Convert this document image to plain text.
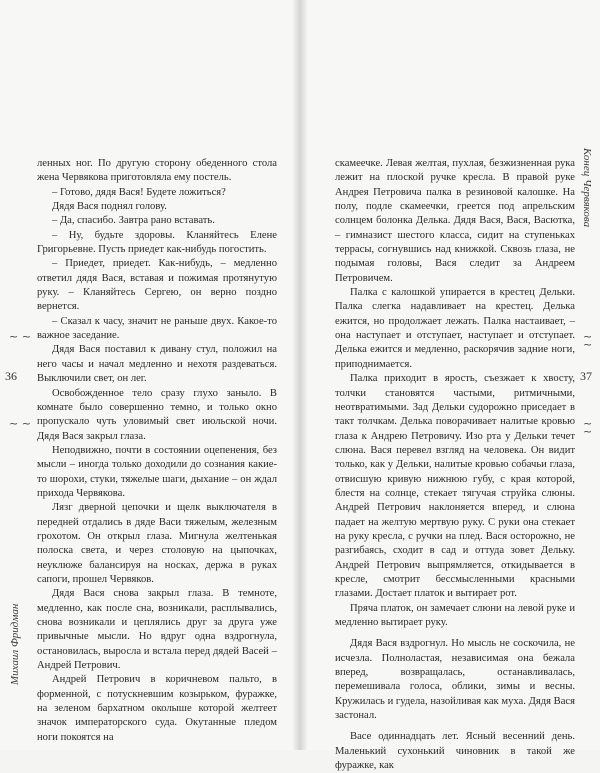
Михаил Фридман
~ ~
36
~ ~
Конец Червякова
~ ~
37
~ ~

ленных ног. По другую сторону обеденного стола жена Червякова приготовляла ему постель.

– Готово, дядя Вася! Будете ложиться?

Дядя Вася поднял голову.

– Да, спасибо. Завтра рано вставать.

– Ну, будьте здоровы. Кланяйтесь Елене Григорьевне. Пусть приедет как-нибудь погостить.

– Приедет, приедет. Как-нибудь, – медленно ответил дядя Вася, вставая и пожимая протянутую руку. – Кланяйтесь Сергею, он верно поздно вернется.

– Сказал к часу, значит не раньше двух. Какое-то важное заседание.

Дядя Вася поставил к дивану стул, положил на него часы и начал медленно и нехотя раздеваться. Выключили свет, он лег.

Освобожденное тело сразу глухо заныло. В комнате было совершенно темно, и только окно пропускало чуть уловимый свет июльской ночи. Дядя Вася закрыл глаза.

Неподвижно, почти в состоянии оцепенения, без мысли – иногда только доходили до сознания какие-то шорохи, стуки, тяжелые шаги, дыхание – он ждал прихода Червякова.

Лязг дверной цепочки и щелк выключателя в передней отдались в дяде Васи тяжелым, железным грохотом. Он открыл глаза. Мигнула желтенькая полоска света, и через столовую на цыпочках, неуклюже балансируя на носках, держа в руках сапоги, прошел Червяков.

Дядя Вася снова закрыл глаза. В темноте, медленно, как после сна, возникали, расплывались, снова возникали и цеплялись друг за друга уже привычные мысли. Но вдруг одна вздрогнула, остановилась, выросла и встала перед дядей Васей – Андрей Петрович.

Андрей Петрович в коричневом пальто, в форменной, с потускневшим козырьком, фуражке, на зеленом бархатном околыше которой желтеет значок императорского суда. Окутанные пледом ноги покоятся на

скамеечке. Левая желтая, пухлая, безжизненная рука лежит на плоской ручке кресла. В правой руке Андрея Петровича палка в резиновой калошке. На полу, подле скамеечки, греется под апрельским солнцем болонка Делька. Дядя Вася, Вася, Васютка, – гимназист шестого класса, сидит на ступеньках террасы, согнувшись над книжкой. Сквозь глаза, не подымая головы, Вася следит за Андреем Петровичем.

Палка с калошкой упирается в крестец Дельки. Палка слегка надавливает на крестец. Делька ежится, но продолжает лежать. Палка настаивает, – она наступает и отступает, наступает и отступает. Делька ежится и медленно, раскорячив задние ноги, приподнимается.

Палка приходит в ярость, съезжает к хвосту, толчки становятся частыми, ритмичными, неотвратимыми. Зад Дельки судорожно приседает в такт толчкам. Делька поворачивает налитые кровью глаза к Андрею Петровичу. Изо рта у Дельки течет слюна. Вася перевел взгляд на человека. Он видит только, как у Дельки, налитые кровью собачьи глаза, отвисшую кривую нижнюю губу, с края которой, блестя на солнце, стекает тягучая струйка слюны. Андрей Петрович наклоняется вперед, и слюна падает на желтую мертвую руку. С руки она стекает на руку кресла, с ручки на плед. Вася осторожно, не разгибаясь, сходит в сад и оттуда зовет Дельку. Андрей Петрович выпрямляется, откидывается в кресле, смотрит бессмысленными красными глазами. Достает платок и вытирает рот.

Пряча платок, он замечает слюни на левой руке и медленно вытирает руку.

Дядя Вася вздрогнул. Но мысль не соскочила, не исчезла. Полноластая, независимая она бежала вперед, возвращалась, останавливалась, перемешивала голоса, облики, зимы и весны. Кружилась и гудела, назойливая как муха. Дядя Вася застонал.

Васе одиннадцать лет. Ясный весенний день. Маленький сухонький чиновник в такой же фуражке, как
